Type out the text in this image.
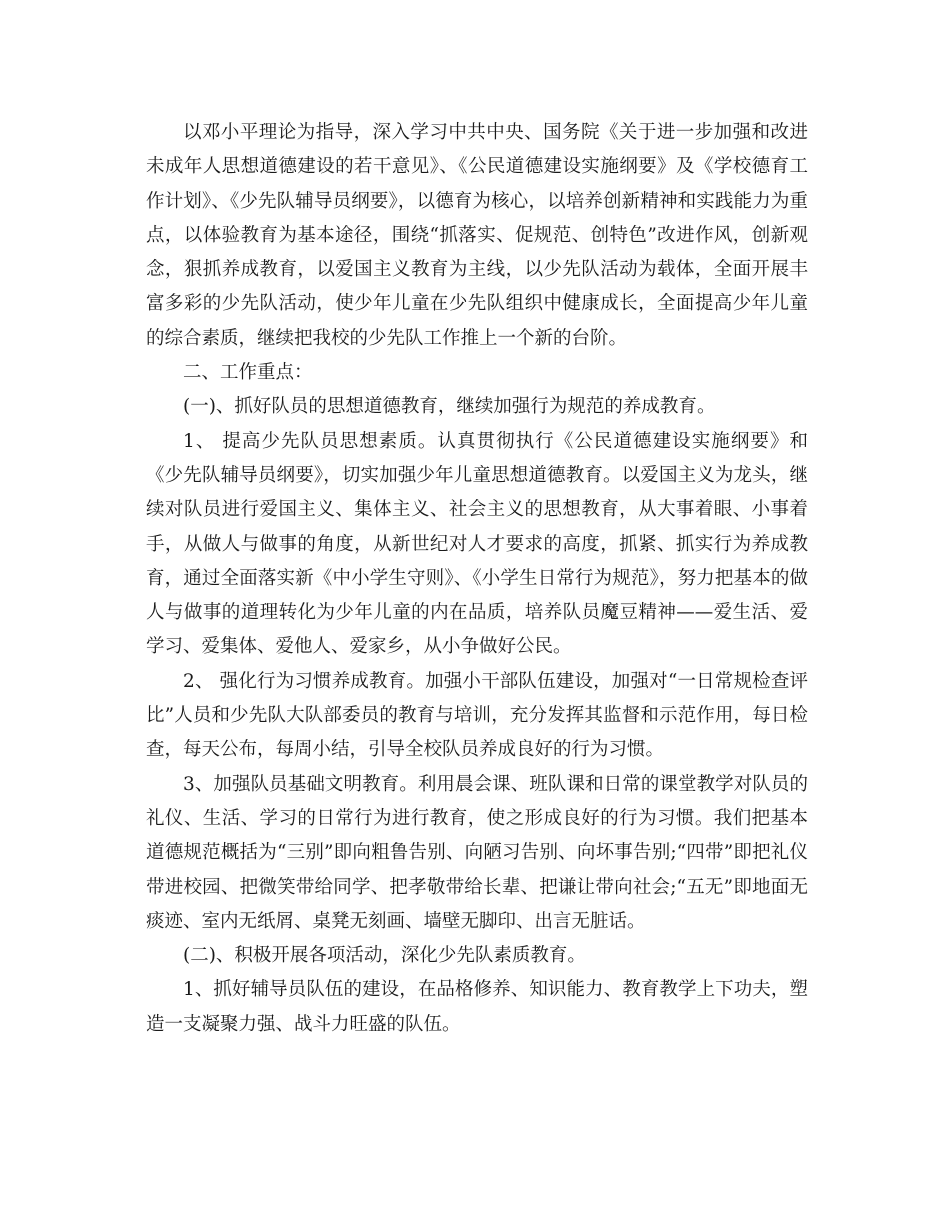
以邓小平理论为指导，深入学习中共中央、国务院《关于进一步加强和改进未成年人思想道德建设的若干意见》、《公民道德建设实施纲要》及《学校德育工作计划》、《少先队辅导员纲要》，以德育为核心，以培养创新精神和实践能力为重点，以体验教育为基本途径，围绕“抓落实、促规范、创特色”改进作风，创新观念，狠抓养成教育，以爱国主义教育为主线，以少先队活动为载体，全面开展丰富多彩的少先队活动，使少年儿童在少先队组织中健康成长，全面提高少年儿童的综合素质，继续把我校的少先队工作推上一个新的台阶。

二、工作重点：

(一)、抓好队员的思想道德教育，继续加强行为规范的养成教育。

1、 提高少先队员思想素质。认真贯彻执行《公民道德建设实施纲要》和《少先队辅导员纲要》，切实加强少年儿童思想道德教育。以爱国主义为龙头，继续对队员进行爱国主义、集体主义、社会主义的思想教育，从大事着眼、小事着手，从做人与做事的角度，从新世纪对人才要求的高度，抓紧、抓实行为养成教育，通过全面落实新《中小学生守则》、《小学生日常行为规范》，努力把基本的做人与做事的道理转化为少年儿童的内在品质，培养队员魔豆精神——爱生活、爱学习、爱集体、爱他人、爱家乡，从小争做好公民。

2、 强化行为习惯养成教育。加强小干部队伍建设，加强对“一日常规检查评比”人员和少先队大队部委员的教育与培训，充分发挥其监督和示范作用，每日检查，每天公布，每周小结，引导全校队员养成良好的行为习惯。

3、加强队员基础文明教育。利用晨会课、班队课和日常的课堂教学对队员的礼仪、生活、学习的日常行为进行教育，使之形成良好的行为习惯。我们把基本道德规范概括为“三别”即向粗鲁告别、向陋习告别、向坏事告别;“四带”即把礼仪带进校园、把微笑带给同学、把孝敬带给长辈、把谦让带向社会;“五无”即地面无痰迹、室内无纸屑、桌凳无刻画、墙壁无脚印、出言无脏话。

(二)、积极开展各项活动，深化少先队素质教育。

1、抓好辅导员队伍的建设，在品格修养、知识能力、教育教学上下功夫，塑造一支凝聚力强、战斗力旺盛的队伍。
